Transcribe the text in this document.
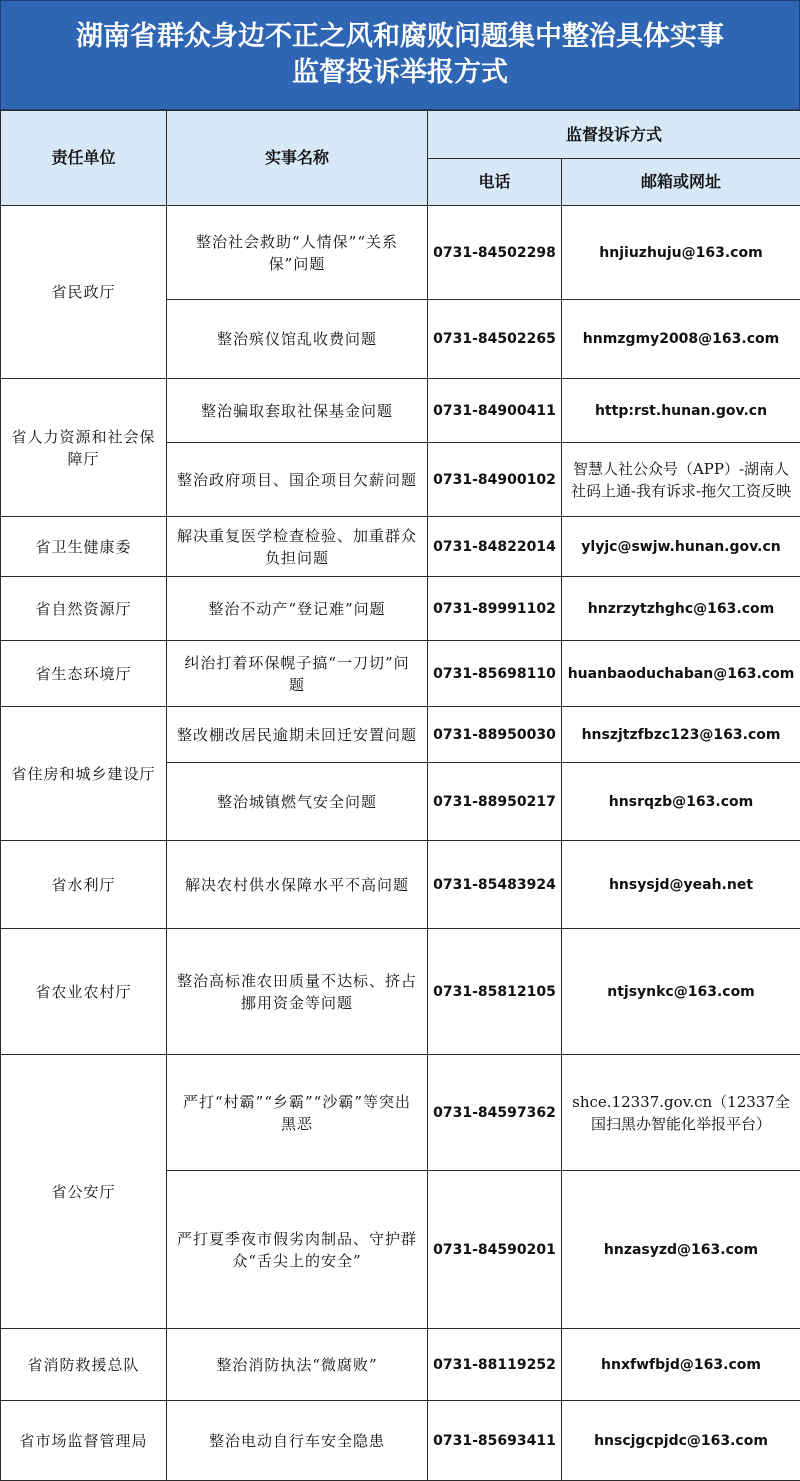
湖南省群众身边不正之风和腐败问题集中整治具体实事
监督投诉举报方式
责任单位	实事名称	监督投诉方式	
		电话	邮箱或网址
省民政厅	整治社会救助“人情保”“关系保”问题	0731-84502298	hnjiuzhuju@163.com
	整治殡仪馆乱收费问题	0731-84502265	hnmzgmy2008@163.com
省人力资源和社会保障厅	整治骗取套取社保基金问题	0731-84900411	http:rst.hunan.gov.cn
	整治政府项目、国企项目欠薪问题	0731-84900102	智慧人社公众号（APP）-湖南人社码上通-我有诉求-拖欠工资反映
省卫生健康委	解决重复医学检查检验、加重群众负担问题	0731-84822014	ylyjc@swjw.hunan.gov.cn
省自然资源厅	整治不动产“登记难”问题	0731-89991102	hnzrzytzhghc@163.com
省生态环境厅	纠治打着环保幌子搞“一刀切”问题	0731-85698110	huanbaoduchaban@163.com
省住房和城乡建设厅	整改棚改居民逾期未回迁安置问题	0731-88950030	hnszjtzfbzc123@163.com
	整治城镇燃气安全问题	0731-88950217	hnsrqzb@163.com
省水利厅	解决农村供水保障水平不高问题	0731-85483924	hnsysjd@yeah.net
省农业农村厅	整治高标准农田质量不达标、挤占挪用资金等问题	0731-85812105	ntjsynkc@163.com
省公安厅	严打“村霸”“乡霸”“沙霸”等突出黑恶	0731-84597362	shce.12337.gov.cn（12337全国扫黑办智能化举报平台）
	严打夏季夜市假劣肉制品、守护群众“舌尖上的安全”	0731-84590201	hnzasyzd@163.com
省消防救援总队	整治消防执法“微腐败”	0731-88119252	hnxfwfbjd@163.com
省市场监督管理局	整治电动自行车安全隐患	0731-85693411	hnscjgcpjdc@163.com
